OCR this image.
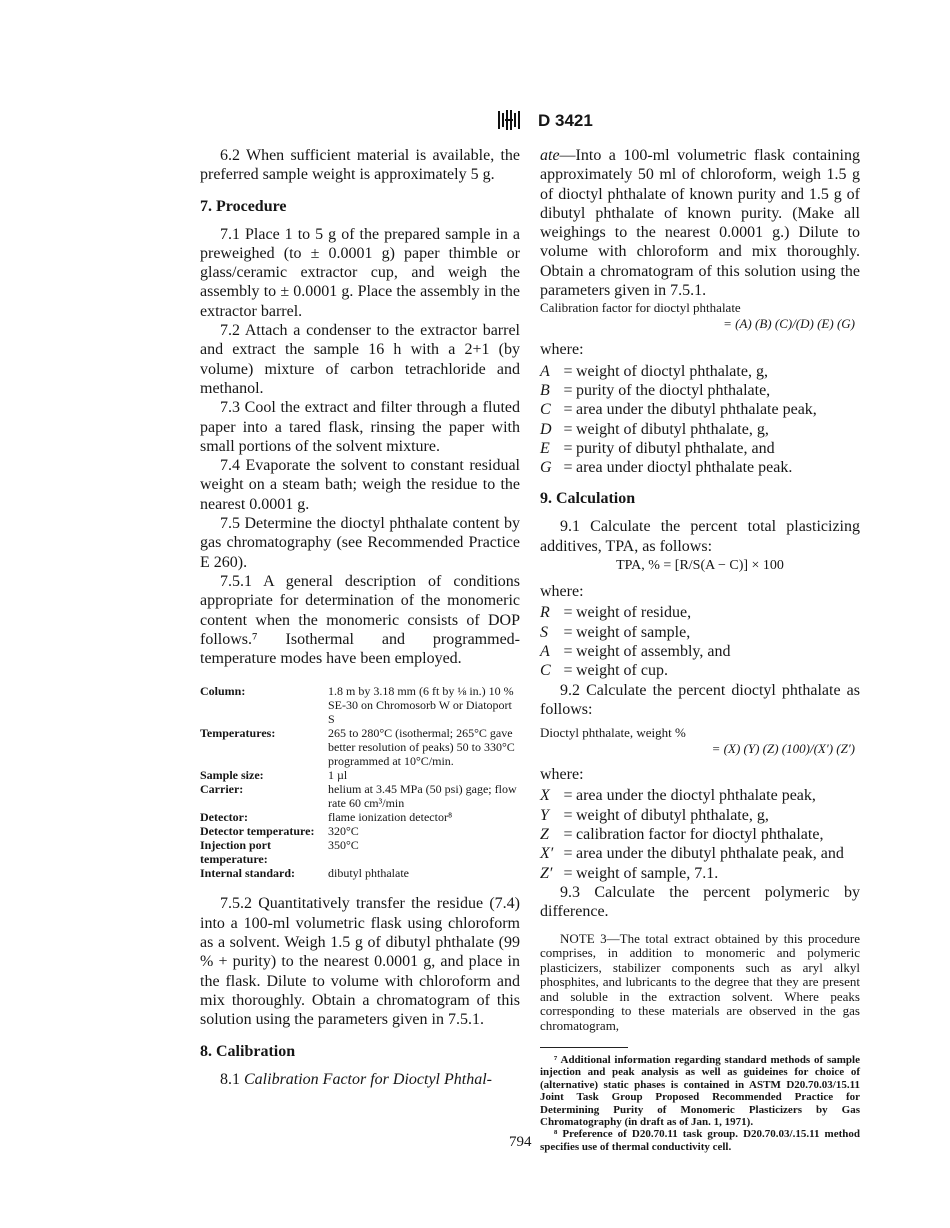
D 3421

6.2 When sufficient material is available, the preferred sample weight is approximately 5 g.

7. Procedure

7.1 Place 1 to 5 g of the prepared sample in a preweighed (to ± 0.0001 g) paper thimble or glass/ceramic extractor cup, and weigh the assembly to ± 0.0001 g. Place the assembly in the extractor barrel.

7.2 Attach a condenser to the extractor barrel and extract the sample 16 h with a 2+1 (by volume) mixture of carbon tetrachloride and methanol.

7.3 Cool the extract and filter through a fluted paper into a tared flask, rinsing the paper with small portions of the solvent mixture.

7.4 Evaporate the solvent to constant residual weight on a steam bath; weigh the residue to the nearest 0.0001 g.

7.5 Determine the dioctyl phthalate content by gas chromatography (see Recommended Practice E 260).

7.5.1 A general description of conditions appropriate for determination of the monomeric content when the monomeric consists of DOP follows.⁷ Isothermal and programmed-temperature modes have been employed.

Column:	1.8 m by 3.18 mm (6 ft by ⅛ in.) 10 % SE-30 on Chromosorb W or Diatoport S
Temperatures:	265 to 280°C (isothermal; 265°C gave better resolution of peaks) 50 to 330°C programmed at 10°C/min.
Sample size:	1 µl
Carrier:	helium at 3.45 MPa (50 psi) gage; flow rate 60 cm³/min
Detector:	flame ionization detector⁸
Detector temperature:	320°C
Injection port temperature:	350°C
Internal standard:	dibutyl phthalate

7.5.2 Quantitatively transfer the residue (7.4) into a 100-ml volumetric flask using chloroform as a solvent. Weigh 1.5 g of dibutyl phthalate (99 % + purity) to the nearest 0.0001 g, and place in the flask. Dilute to volume with chloroform and mix thoroughly. Obtain a chromatogram of this solution using the parameters given in 7.5.1.

8. Calibration

8.1 Calibration Factor for Dioctyl Phthal-

ate—Into a 100-ml volumetric flask containing approximately 50 ml of chloroform, weigh 1.5 g of dioctyl phthalate of known purity and 1.5 g of dibutyl phthalate of known purity. (Make all weighings to the nearest 0.0001 g.) Dilute to volume with chloroform and mix thoroughly. Obtain a chromatogram of this solution using the parameters given in 7.5.1.

Calibration factor for dioctyl phthalate
= (A) (B) (C)/(D) (E) (G)
where:
A = weight of dioctyl phthalate, g,
B = purity of the dioctyl phthalate,
C = area under the dibutyl phthalate peak,
D = weight of dibutyl phthalate, g,
E = purity of dibutyl phthalate, and
G = area under dioctyl phthalate peak.
9. Calculation

9.1 Calculate the percent total plasticizing additives, TPA, as follows:

TPA, % = [R/S(A − C)] × 100
where:
R = weight of residue,
S = weight of sample,
A = weight of assembly, and
C = weight of cup.

9.2 Calculate the percent dioctyl phthalate as follows:

Dioctyl phthalate, weight %
= (X) (Y) (Z) (100)/(X′) (Z′)
where:
X = area under the dioctyl phthalate peak,
Y = weight of dibutyl phthalate, g,
Z = calibration factor for dioctyl phthalate,
X′ = area under the dibutyl phthalate peak, and
Z′ = weight of sample, 7.1.

9.3 Calculate the percent polymeric by difference.

NOTE 3—The total extract obtained by this procedure comprises, in addition to monomeric and polymeric plasticizers, stabilizer components such as aryl alkyl phosphites, and lubricants to the degree that they are present and soluble in the extraction solvent. Where peaks corresponding to these materials are observed in the gas chromatogram,

⁷ Additional information regarding standard methods of sample injection and peak analysis as well as guideines for choice of (alternative) static phases is contained in ASTM D20.70.03/15.11 Joint Task Group Proposed Recommended Practice for Determining Purity of Monomeric Plasticizers by Gas Chromatography (in draft as of Jan. 1, 1971).

⁸ Preference of D20.70.11 task group. D20.70.03/.15.11 method specifies use of thermal conductivity cell.

794
